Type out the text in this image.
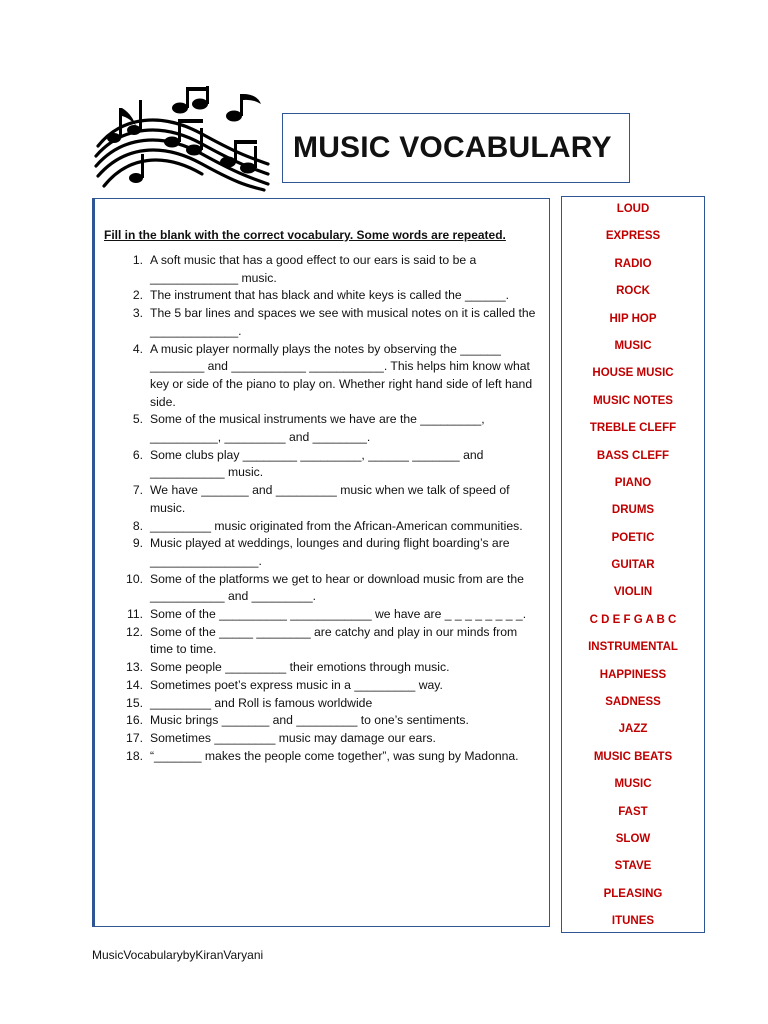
MUSIC VOCABULARY

Fill in the blank with the correct vocabulary. Some words are repeated.

1. A soft music that has a good effect to our ears is said to be a _____________ music.
2. The instrument that has black and white keys is called the ______.
3. The 5 bar lines and spaces we see with musical notes on it is called the _____________.
4. A music player normally plays the notes by observing the ______ ________ and ___________ ___________. This helps him know what key or side of the piano to play on. Whether right hand side of left hand side.
5. Some of the musical instruments we have are the _________, __________, _________ and ________.
6. Some clubs play ________ _________, ______ _______ and ___________ music.
7. We have _______ and _________ music when we talk of speed of music.
8. _________ music originated from the African-American communities.
9. Music played at weddings, lounges and during flight boarding’s are ________________.
10. Some of the platforms we get to hear or download music from are the ___________ and _________.
11. Some of the __________ ____________ we have are _ _ _ _ _ _ _ _.
12. Some of the _____ ________ are catchy and play in our minds from time to time.
13. Some people _________ their emotions through music.
14. Sometimes poet’s express music in a _________ way.
15. _________ and Roll is famous worldwide
16. Music brings _______ and _________ to one’s sentiments.
17. Sometimes _________ music may damage our ears.
18. “_______ makes the people come together”, was sung by Madonna.
LOUD
EXPRESS
RADIO
ROCK
HIP HOP
MUSIC
HOUSE MUSIC
MUSIC NOTES
TREBLE CLEFF
BASS CLEFF
PIANO
DRUMS
POETIC
GUITAR
VIOLIN
C D E F G A B C
INSTRUMENTAL
HAPPINESS
SADNESS
JAZZ
MUSIC BEATS
MUSIC
FAST
SLOW
STAVE
PLEASING
ITUNES

MusicVocabularybyKiranVaryani
